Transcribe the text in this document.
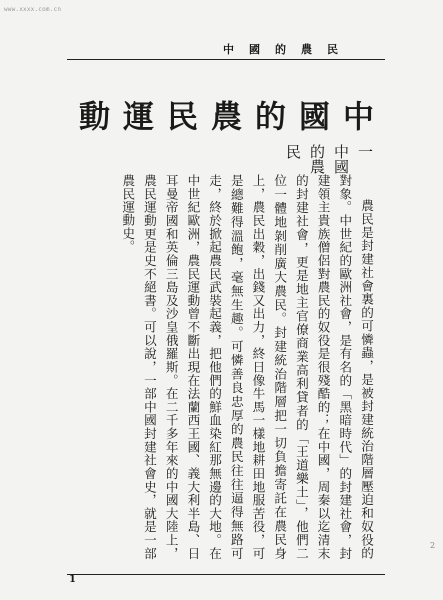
www.xxxx.com.cn
中國的農民
中國的農民運動
一　中國的農民

農民是封建社會裏的可憐蟲，是被封建統治階層壓迫和奴役的對象。中世紀的歐洲社會，是有名的「黑暗時代」的封建社會，封建領主貴族僧侶對農民的奴役是很殘酷的；在中國，周秦以迄清末的封建社會，更是地主官僚商業高利貸者的「王道樂土」，他們二位一體地剝削廣大農民。封建統治階層把一切負擔寄託在農民身上，農民出穀，出錢又出力，終日像牛馬一樣地耕田地服苦役，可是總難得溫飽，毫無生趣。可憐善良忠厚的農民往往逼得無路可走，終於掀起農民武裝起義，把他們的鮮血染紅那無邊的大地。在中世紀歐洲，農民運動曾不斷出現在法蘭西王國、義大利半島、日耳曼帝國和英倫三島及沙皇俄羅斯。在二千多年來的中國大陸上，農民運動更是史不絕書。可以說，一部中國封建社會史，就是一部農民運動史。

1
2
